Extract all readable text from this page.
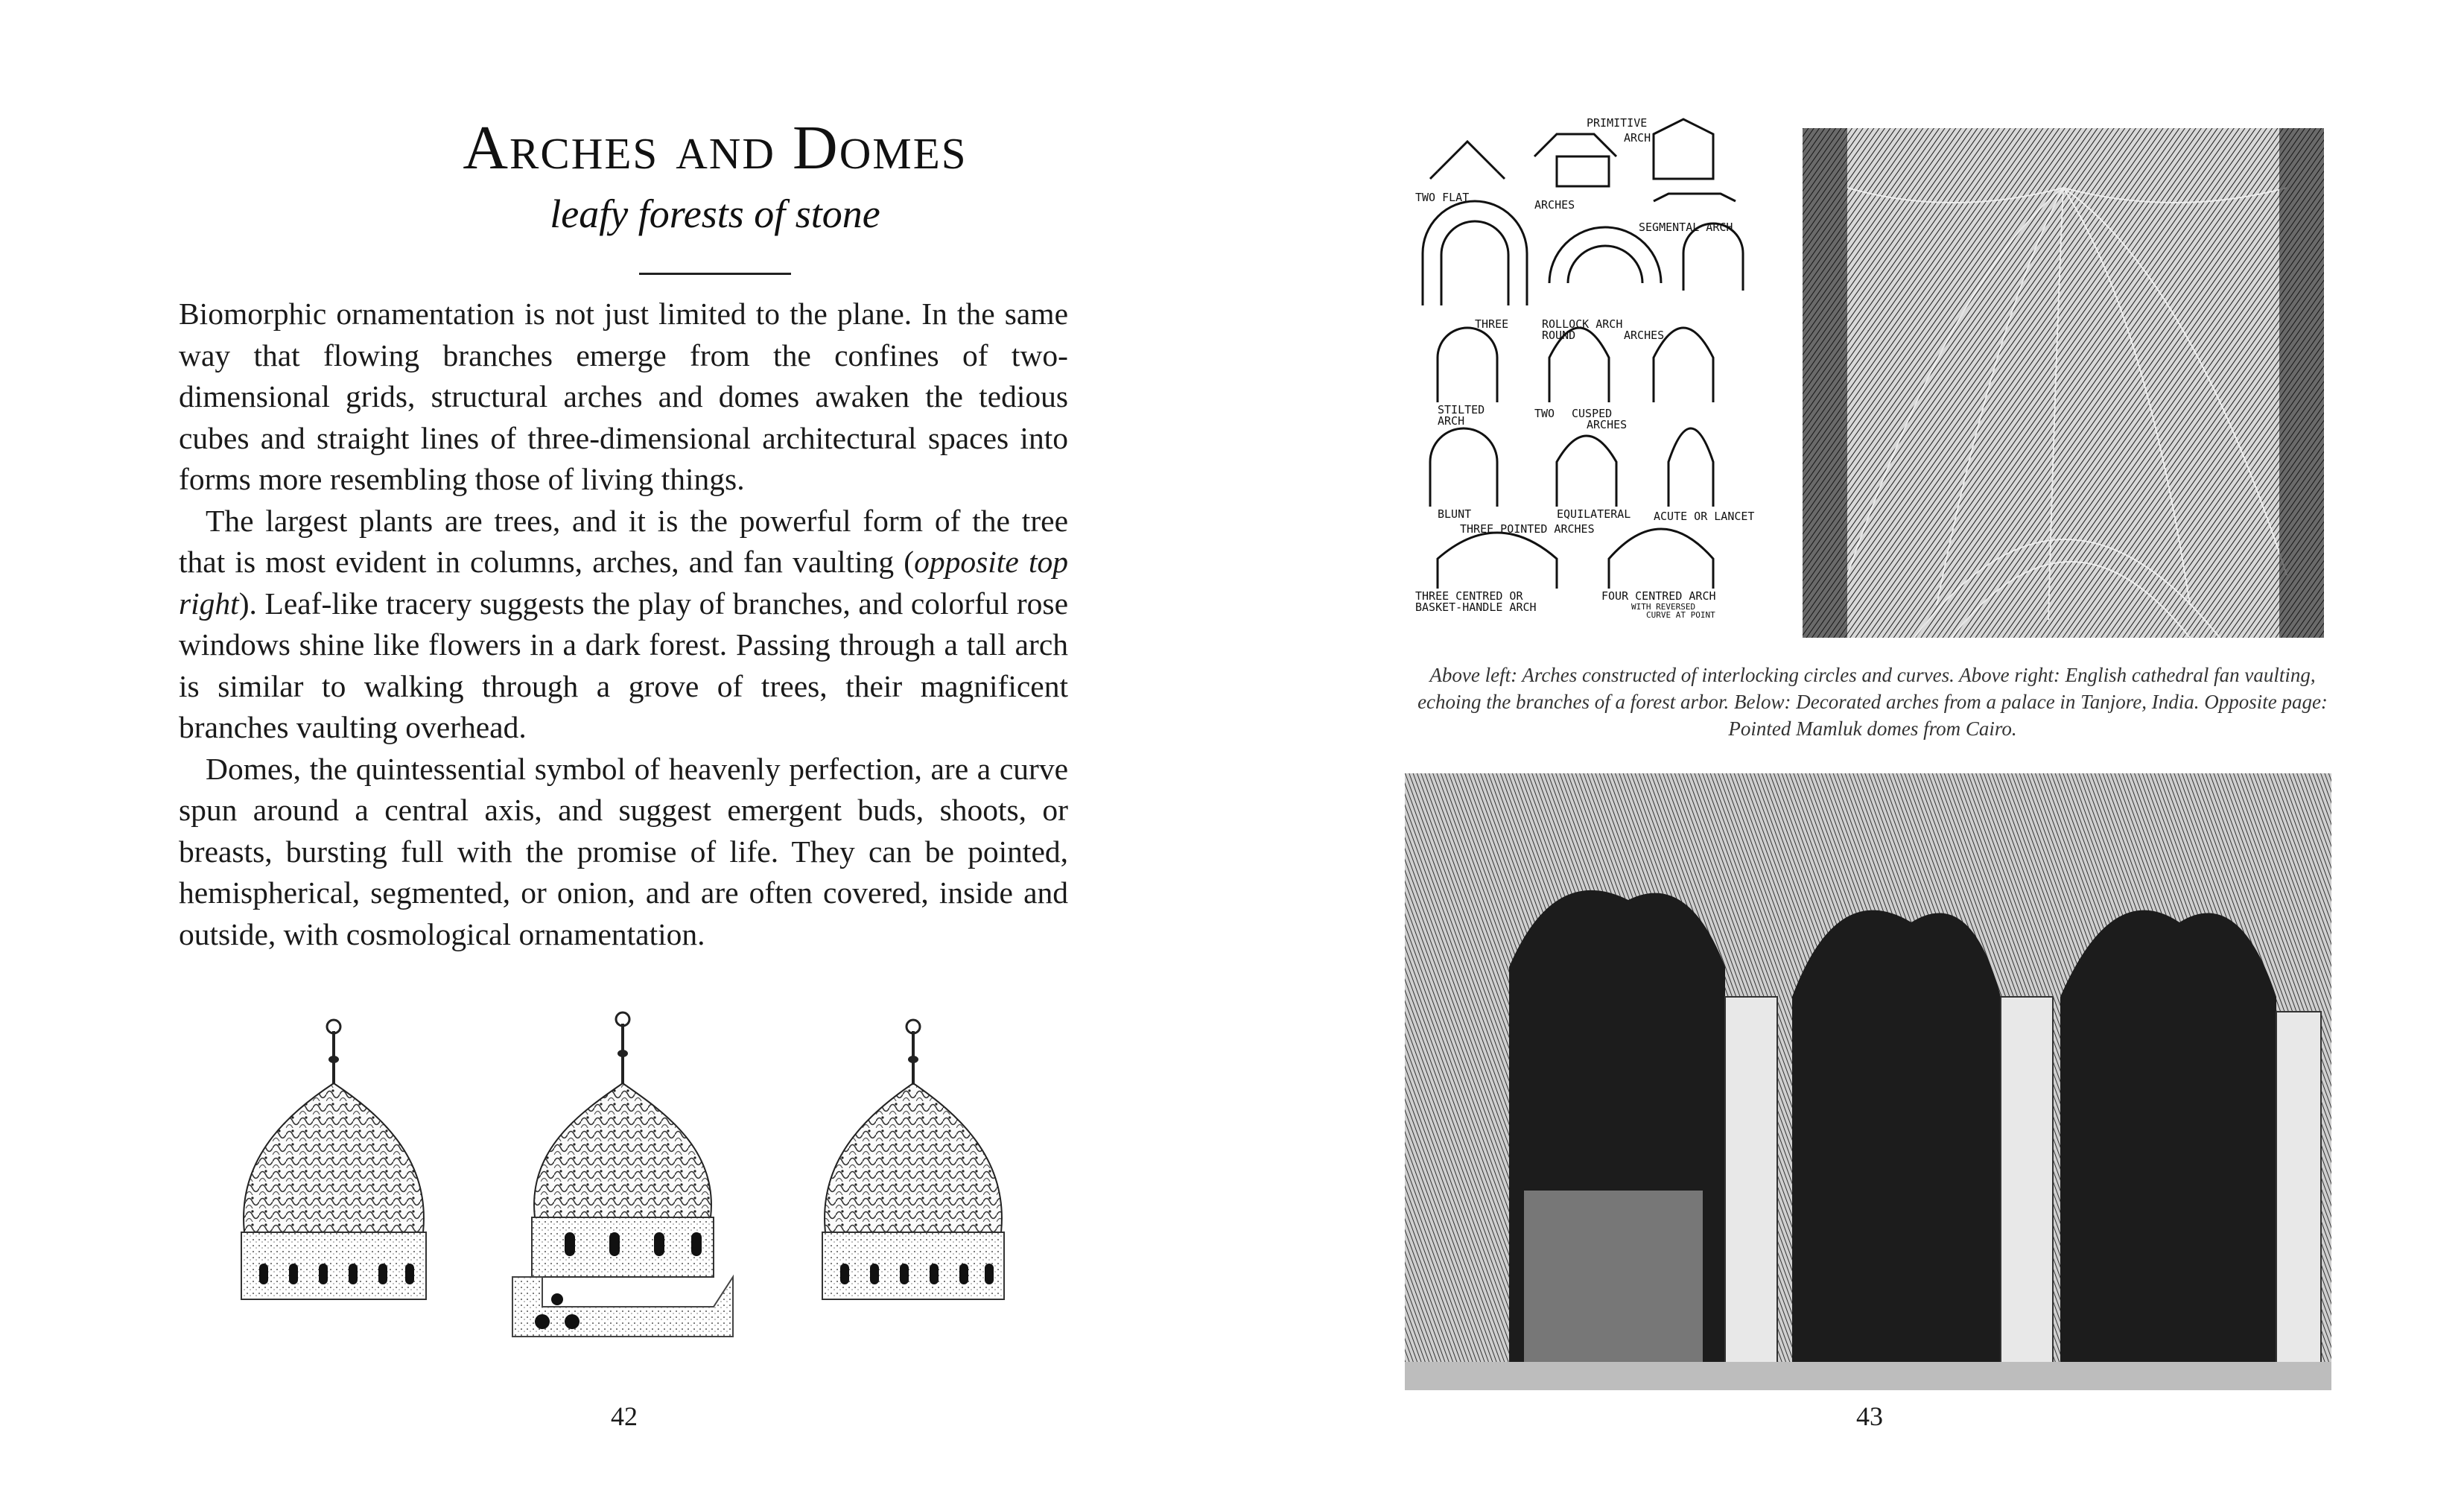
Arches and Domes
leafy forests of stone

Biomorphic ornamentation is not just limited to the plane. In the same way that flowing branches emerge from the confines of two-dimensional grids, structural arches and domes awaken the tedious cubes and straight lines of three-dimensional architectural spaces into forms more resembling those of living things.

The largest plants are trees, and it is the powerful form of the tree that is most evident in columns, arches, and fan vaulting (opposite top right). Leaf-like tracery suggests the play of branches, and colorful rose windows shine like flowers in a dark forest. Passing through a tall arch is similar to walking through a grove of trees, their magnificent branches vaulting overhead.

Domes, the quintessential symbol of heavenly perfection, are a curve spun around a central axis, and suggest emergent buds, shoots, or breasts, bursting full with the promise of life. They can be pointed, hemispherical, segmented, or onion, and are often covered, inside and outside, with cosmological ornamentation.

42
PRIMITIVE
ARCH
TWO FLAT
ARCHES
SEGMENTAL ARCH
THREE	ROLLOCK ARCH
ROUND	ARCHES
STILTED
ARCH
TWO CUSPED
ARCHES
BLUNT	EQUILATERAL ACUTE OR LANCET
THREE POINTED ARCHES
THREE CENTRED OR
BASKET-HANDLE ARCH
FOUR CENTRED ARCH
WITH REVERSED
CURVE AT POINT
Above left: Arches constructed of interlocking circles and curves. Above right: English cathedral fan vaulting, echoing the branches of a forest arbor. Below: Decorated arches from a palace in Tanjore, India. Opposite page: Pointed Mamluk domes from Cairo.
43
